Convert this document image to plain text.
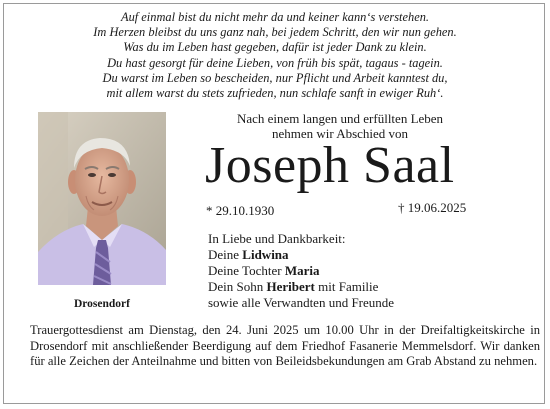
Auf einmal bist du nicht mehr da und keiner kann‘s verstehen.
Im Herzen bleibst du uns ganz nah, bei jedem Schritt, den wir nun gehen.
Was du im Leben hast gegeben, dafür ist jeder Dank zu klein.
Du hast gesorgt für deine Lieben, von früh bis spät, tagaus - tagein.
Du warst im Leben so bescheiden, nur Pflicht und Arbeit kanntest du,
mit allem warst du stets zufrieden, nun schlafe sanft in ewiger Ruh‘.
Drosendorf
Nach einem langen und erfüllten Leben
nehmen wir Abschied von
Joseph Saal
* 29.10.1930	† 19.06.2025
In Liebe und Dankbarkeit:
Deine Lidwina
Deine Tochter Maria
Dein Sohn Heribert mit Familie
sowie alle Verwandten und Freunde
Trauergottesdienst am Dienstag, den 24. Juni 2025 um 10.00 Uhr in der Dreifaltigkeitskirche in Drosendorf mit anschließender Beerdigung auf dem Friedhof Fasanerie Memmelsdorf. Wir danken für alle Zeichen der Anteilnahme und bitten von Beileidsbekundungen am Grab Abstand zu nehmen.
